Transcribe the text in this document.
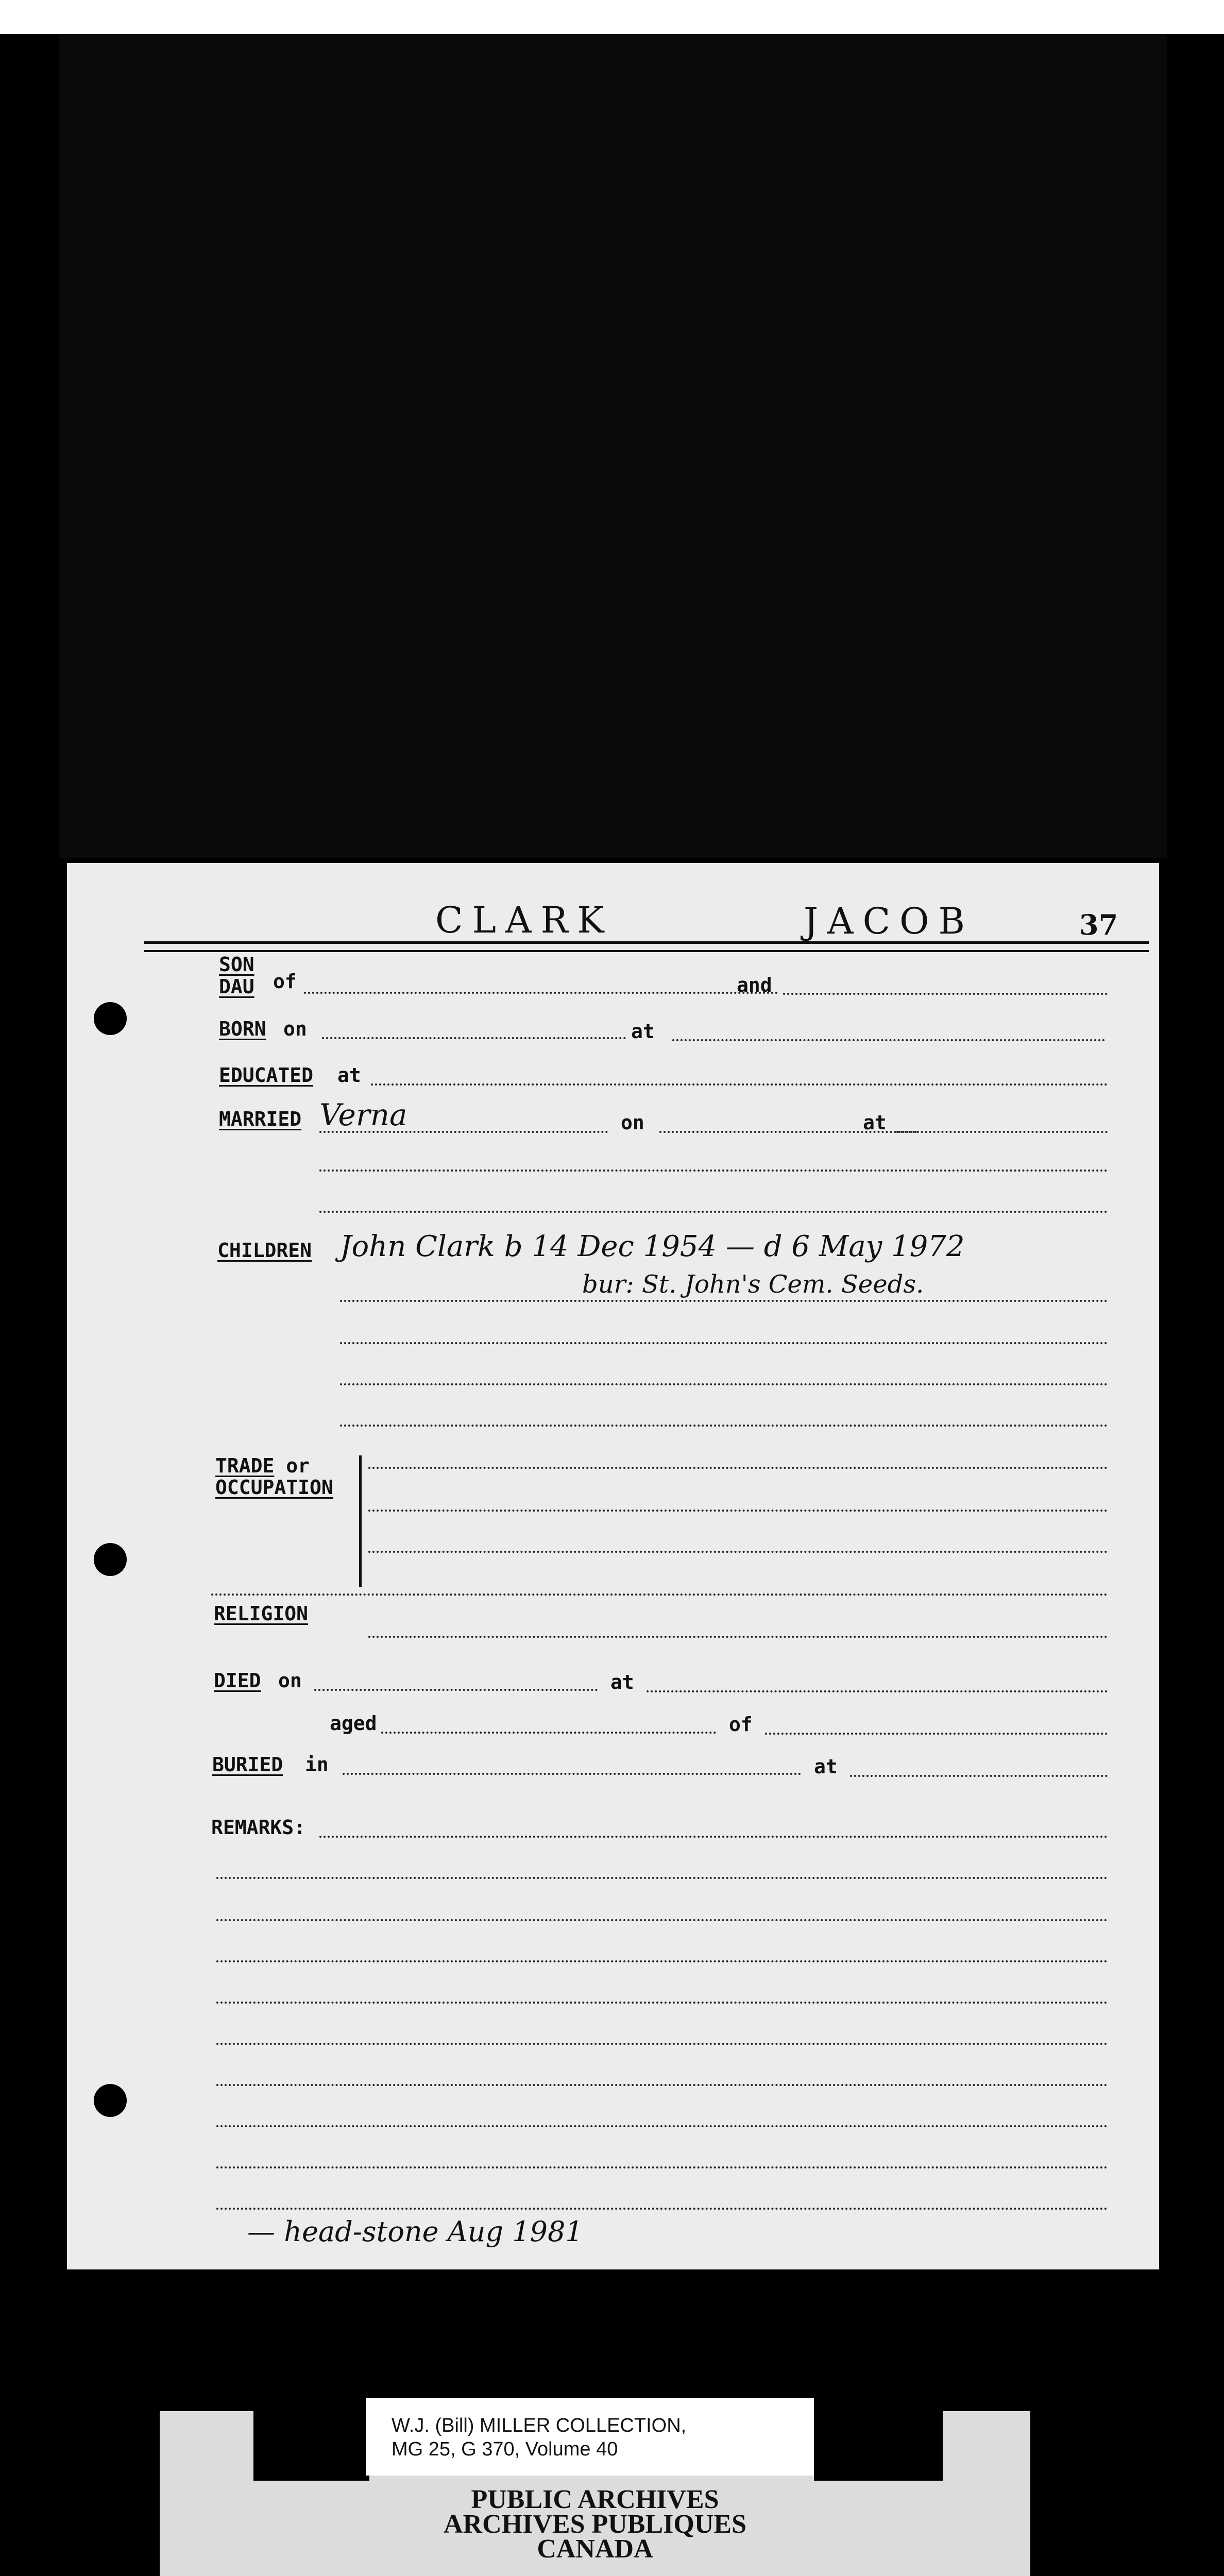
CLARK	JACOB	37
SON
DAU of	and
BORN on	at
EDUCATED at
MARRIED Verna	on	at
CHILDREN John Clark b 14 Dec 1954 — d 6 May 1972
bur: St. John's Cem. Seeds.
TRADE or
OCCUPATION
RELIGION
DIED on	at
aged	of
BURIED in	at
REMARKS:
— head-stone Aug 1981
W.J. (Bill) MILLER COLLECTION,
MG 25, G 370, Volume 40
PUBLIC ARCHIVES
ARCHIVES PUBLIQUES
CANADA
